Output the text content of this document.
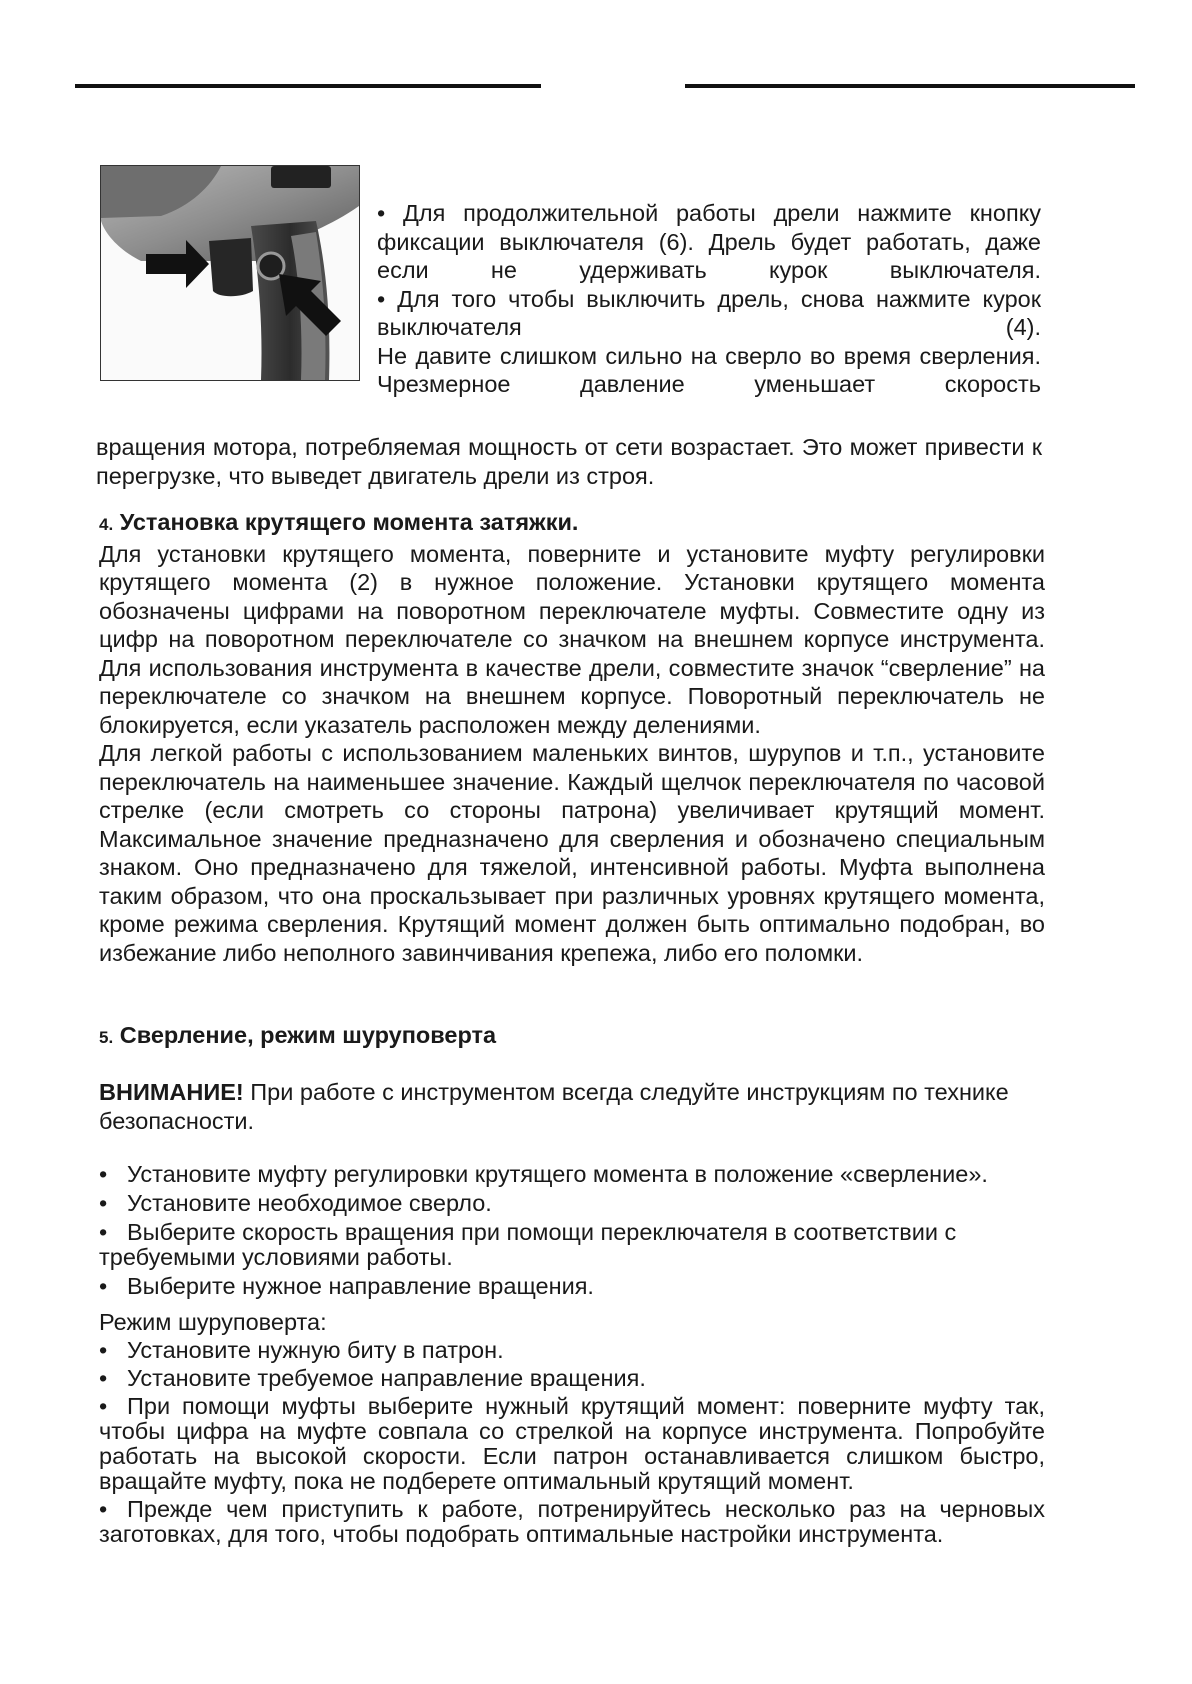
• Для продолжительной работы дрели нажмите кнопку фиксации выключателя (6). Дрель будет работать, даже если не удерживать курок выключателя.

• Для того чтобы выключить дрель, снова нажмите курок выключателя (4).

Не давите слишком сильно на сверло во время сверления. Чрезмерное давление уменьшает скорость

вращения мотора, потребляемая мощность от сети возрастает. Это может привести к перегрузке, что выведет двигатель дрели из строя.

4. Установка крутящего момента затяжки.

Для установки крутящего момента, поверните и установите муфту регулировки крутящего момента (2) в нужное положение. Установки крутящего момента обозначены цифрами на поворотном переключателе муфты. Совместите одну из цифр на поворотном переключателе со значком на внешнем корпусе инструмента. Для использования инструмента в качестве дрели, совместите значок “сверление” на переключателе со значком на внешнем корпусе. Поворотный переключатель не блокируется, если указатель расположен между делениями.

Для легкой работы с использованием маленьких винтов, шурупов и т.п., установите переключатель на наименьшее значение. Каждый щелчок переключателя по часовой стрелке (если смотреть со стороны патрона) увеличивает крутящий момент. Максимальное значение предназначено для сверления и обозначено специальным знаком. Оно предназначено для тяжелой, интенсивной работы. Муфта выполнена таким образом, что она проскальзывает при различных уровнях крутящего момента, кроме режима сверления. Крутящий момент должен быть оптимально подобран, во избежание либо неполного завинчивания крепежа, либо его поломки.

5. Сверление, режим шуруповерта
ВНИМАНИЕ! При работе с инструментом всегда следуйте инструкциям по технике безопасности.

• Установите муфту регулировки крутящего момента в положение «сверление».

• Установите необходимое сверло.

• Выберите скорость вращения при помощи переключателя в соответствии с требуемыми условиями работы.

• Выберите нужное направление вращения.

Режим шуруповерта:

• Установите нужную биту в патрон.

• Установите требуемое направление вращения.

• При помощи муфты выберите нужный крутящий момент: поверните муфту так, чтобы цифра на муфте совпала со стрелкой на корпусе инструмента. Попробуйте работать на высокой скорости. Если патрон останавливается слишком быстро, вращайте муфту, пока не подберете оптимальный крутящий момент.

• Прежде чем приступить к работе, потренируйтесь несколько раз на черновых заготовках, для того, чтобы подобрать оптимальные настройки инструмента.
